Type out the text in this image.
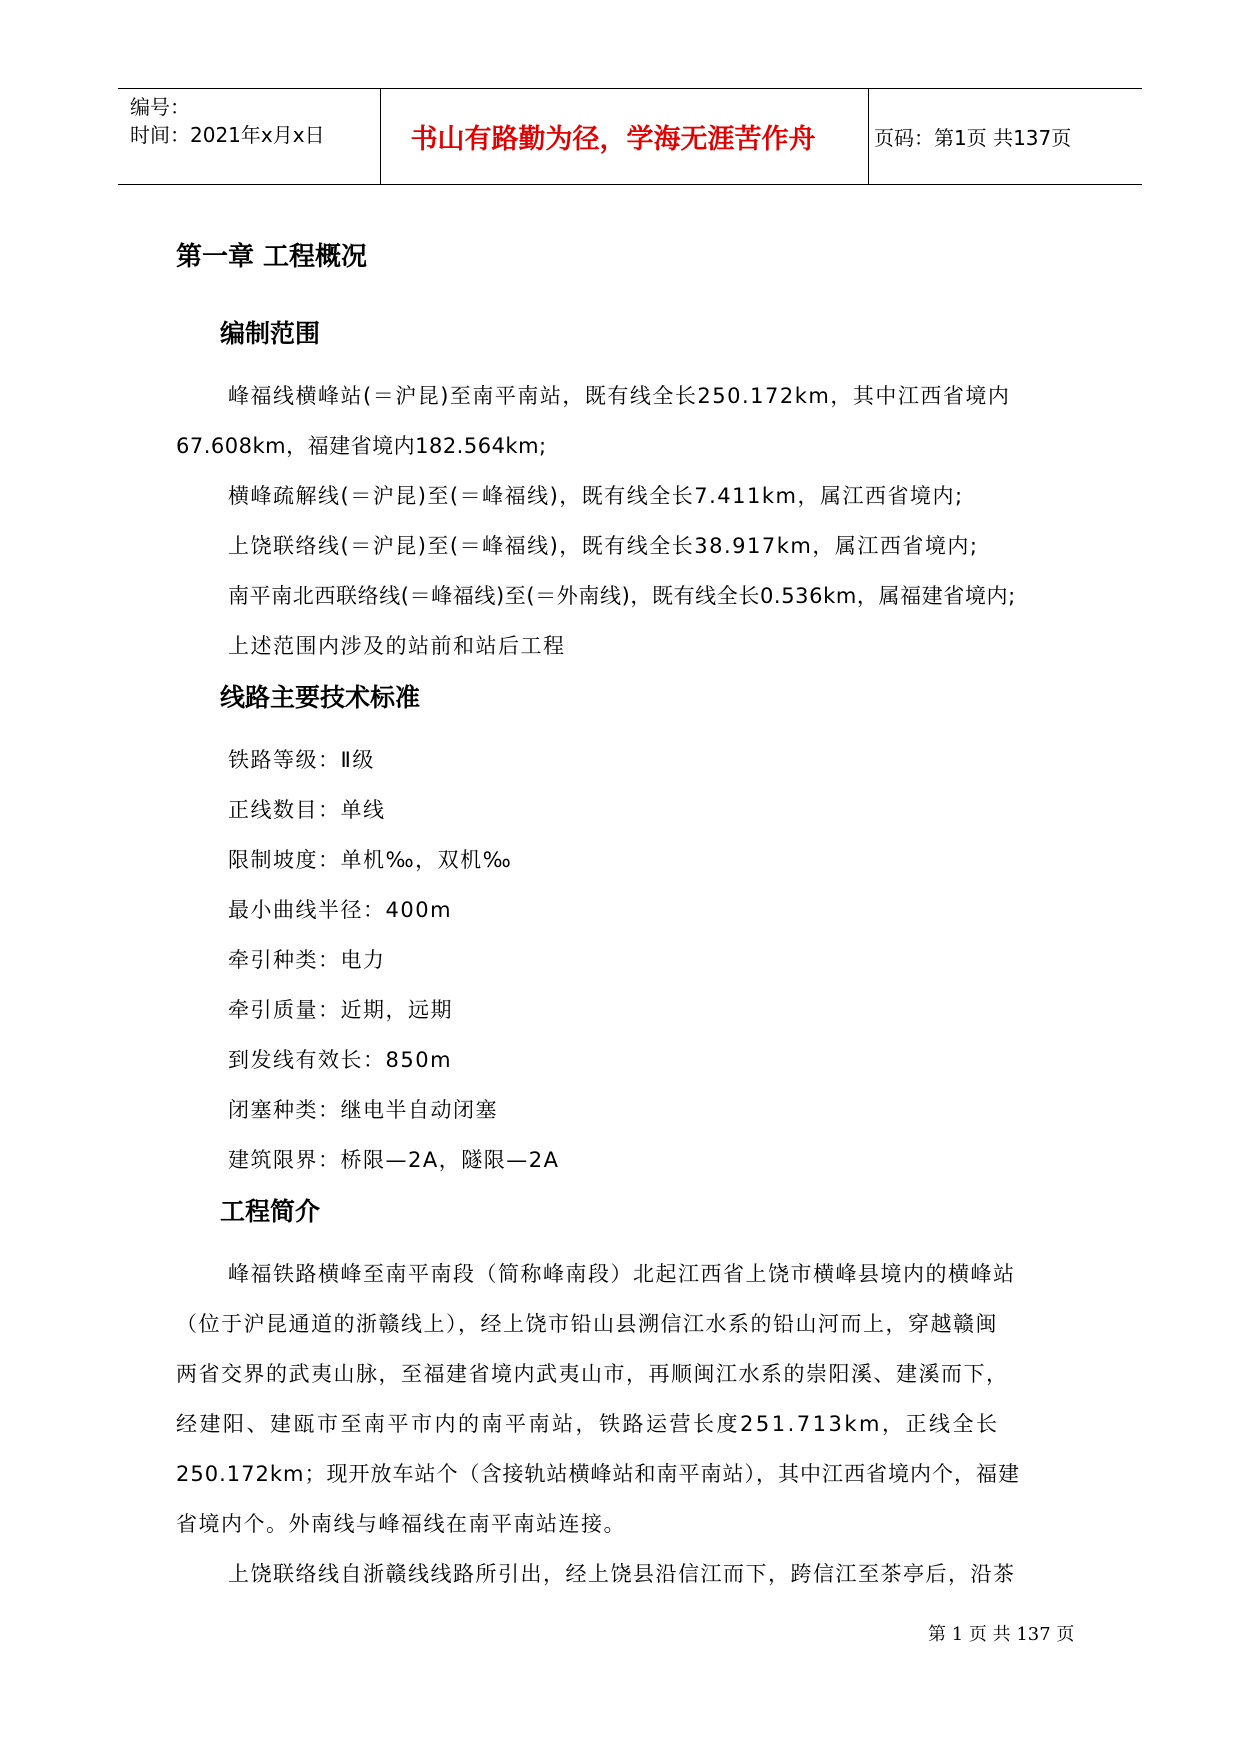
编号：
时间：2021年x月x日	书山有路勤为径，学海无涯苦作舟	页码：第1页 共137页
第一章 工程概况
编制范围
峰福线横峰站(＝沪昆)至南平南站，既有线全长250.172km，其中江西省境内
67.608km，福建省境内182.564km;
横峰疏解线(＝沪昆)至(＝峰福线)，既有线全长7.411km，属江西省境内;
上饶联络线(＝沪昆)至(＝峰福线)，既有线全长38.917km，属江西省境内;
南平南北西联络线(＝峰福线)至(＝外南线)，既有线全长0.536km，属福建省境内;
上述范围内涉及的站前和站后工程
线路主要技术标准
铁路等级：Ⅱ级
正线数目：单线
限制坡度：单机‰，双机‰
最小曲线半径：400m
牵引种类：电力
牵引质量：近期，远期
到发线有效长：850m
闭塞种类：继电半自动闭塞
建筑限界：桥限—2A，隧限—2A
工程简介
峰福铁路横峰至南平南段（简称峰南段）北起江西省上饶市横峰县境内的横峰站
（位于沪昆通道的浙赣线上），经上饶市铅山县溯信江水系的铅山河而上，穿越赣闽
两省交界的武夷山脉，至福建省境内武夷山市，再顺闽江水系的崇阳溪、建溪而下，
经建阳、建瓯市至南平市内的南平南站，铁路运营长度251.713km，正线全长
250.172km；现开放车站个（含接轨站横峰站和南平南站），其中江西省境内个，福建
省境内个。外南线与峰福线在南平南站连接。
上饶联络线自浙赣线线路所引出，经上饶县沿信江而下，跨信江至茶亭后，沿茶
第 1 页 共 137 页
